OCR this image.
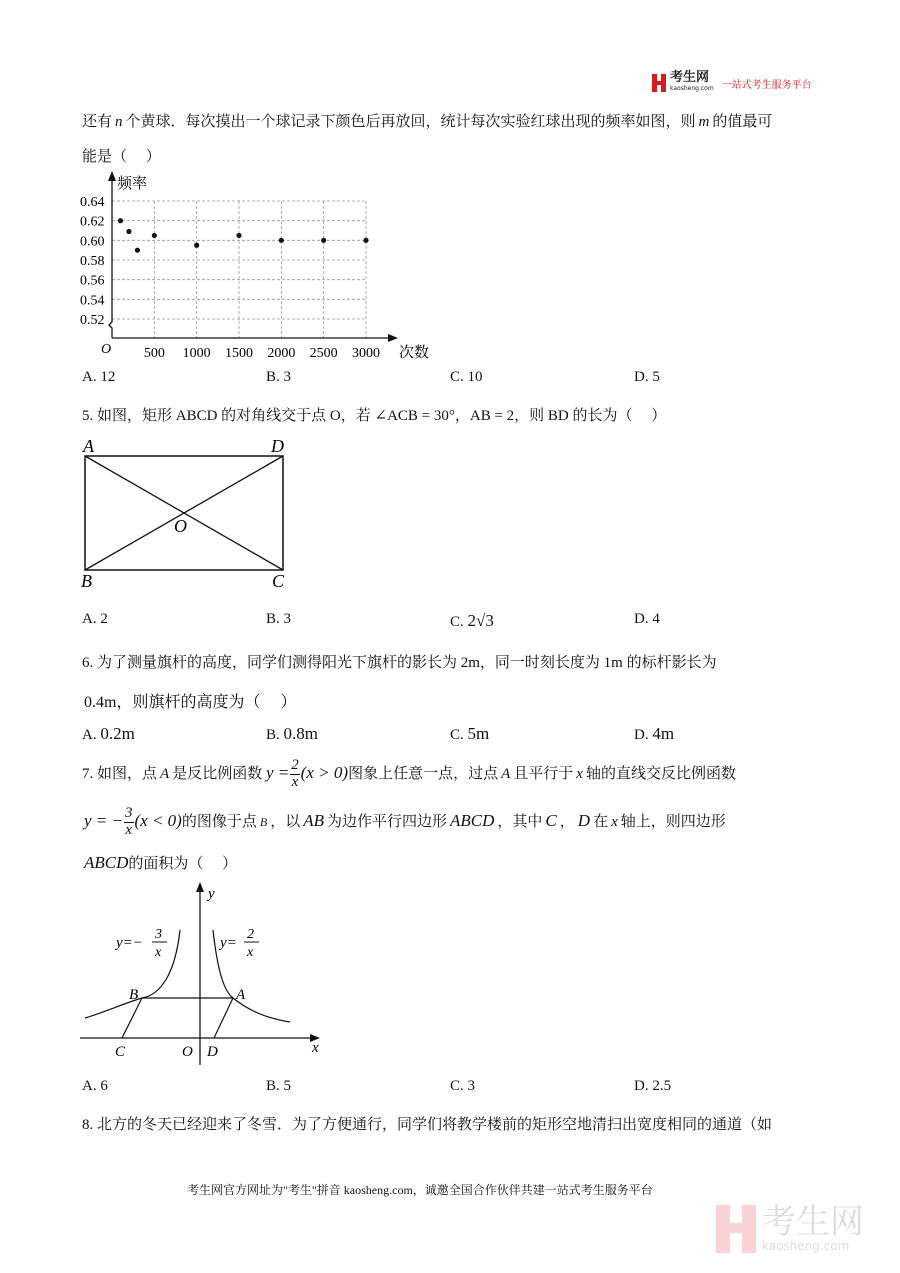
考生网
kaosheng.com 一站式考生服务平台
还有 n 个黄球．每次摸出一个球记录下颜色后再放回，统计每次实验红球出现的频率如图，则 m 的值最可
能是（　 ）
0.52
0.54
0.56
0.58
0.60
0.62
0.64
500 1000 1500 2000 2500 3000
频率
次数
O
A. 12	B. 3	C. 10	D. 5
5. 如图，矩形 ABCD 的对角线交于点 O，若 ∠ACB = 30°，AB = 2，则 BD 的长为（　 ）
A	D
B	C
O
A. 2	B. 3	C. 2√3	D. 4
6. 为了测量旗杆的高度，同学们测得阳光下旗杆的影长为 2m，同一时刻长度为 1m 的标杆影长为
0.4m，则旗杆的高度为（　 ）
A. 0.2m	B. 0.8m	C. 5m	D. 4m
7. 如图，点 A 是反比例函数 $y = \frac{2}{x} (x > 0)$图象上任意一点，过点 A 且平行于 x 轴的直线交反比例函数
y = − $\frac{3}{x} (x < 0)$的图像于点 B ，以 AB 为边作平行四边形 ABCD ，其中 C ， D 在 x 轴上，则四边形
ABCD的面积为（　 ）
y=−
3
x
y=
2
x
y
x
O
A
B
C	D
A. 6	B. 5	C. 3	D. 2.5
8. 北方的冬天已经迎来了冬雪．为了方便通行，同学们将教学楼前的矩形空地清扫出宽度相同的通道（如
考生网官方网址为"考生"拼音 kaosheng.com，诚邀全国合作伙伴共建一站式考生服务平台
考生网
kaosheng.com
